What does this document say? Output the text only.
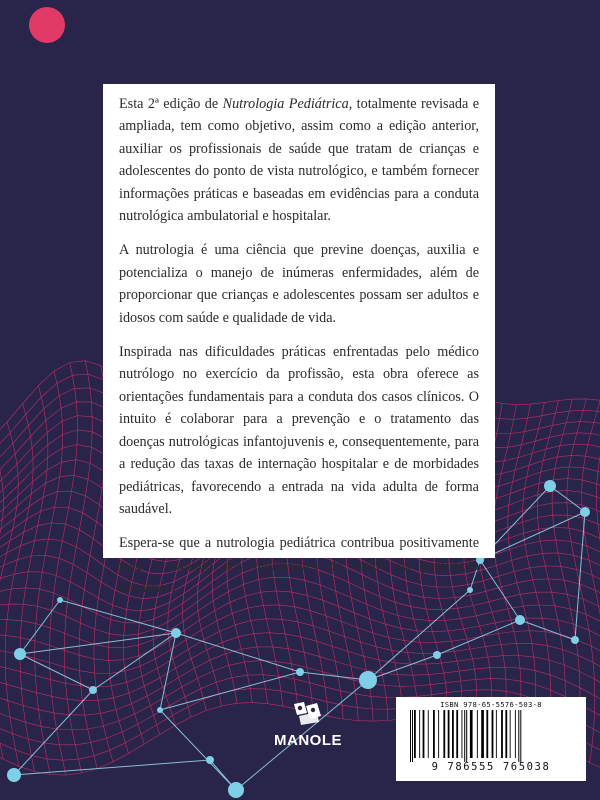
Esta 2ª edição de Nutrologia Pediátrica, totalmente revisada e ampliada, tem como objetivo, assim como a edição anterior, auxiliar os profissionais de saúde que tratam de crianças e adolescentes do ponto de vista nutrológico, e também fornecer informações práticas e baseadas em evidências para a conduta nutrológica ambulatorial e hospitalar.

A nutrologia é uma ciência que previne doenças, auxilia e potencializa o manejo de inúmeras enfermidades, além de proporcionar que crianças e adolescentes possam ser adultos e idosos com saúde e qualidade de vida.

Inspirada nas dificuldades práticas enfrentadas pelo médico nutrólogo no exercício da profissão, esta obra oferece as orientações fundamentais para a conduta dos casos clínicos. O intuito é colaborar para a prevenção e o tratamento das doenças nutrológicas infantojuvenis e, consequentemente, para a redução das taxas de internação hospitalar e de morbidades pediátricas, favorecendo a entrada na vida adulta de forma saudável.

Espera-se que a nutrologia pediátrica contribua positivamente para o avanço dos indicadores de saúde da população brasileira.

MANOLE
ISBN 978-65-5576-503-8
9 786555 765038
